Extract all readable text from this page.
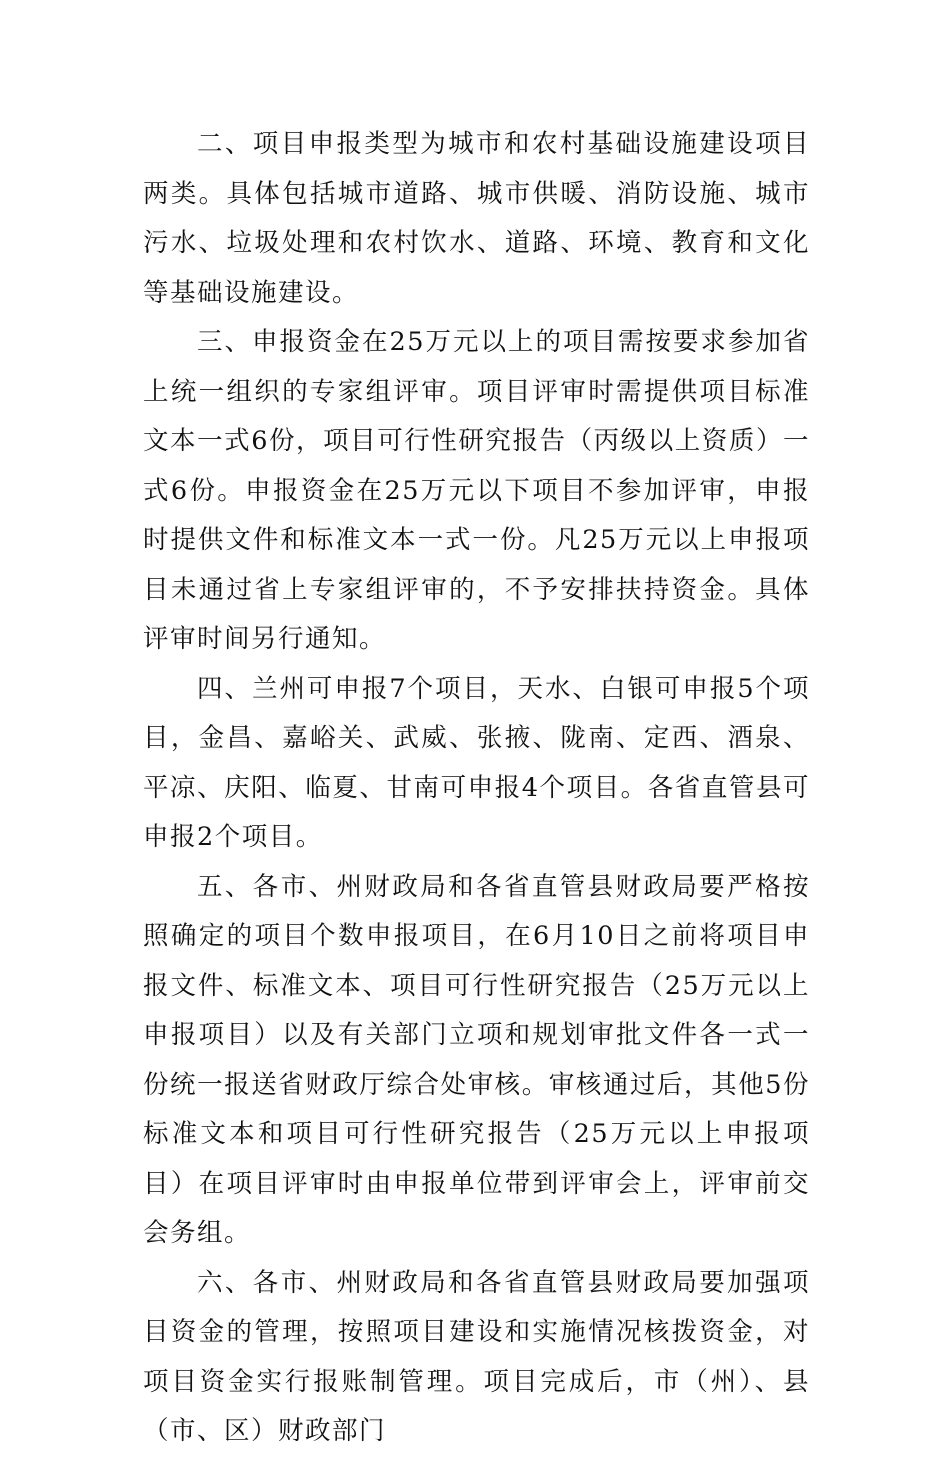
二、项目申报类型为城市和农村基础设施建设项目两类。具体包括城市道路、城市供暖、消防设施、城市污水、垃圾处理和农村饮水、道路、环境、教育和文化等基础设施建设。

三、申报资金在25万元以上的项目需按要求参加省上统一组织的专家组评审。项目评审时需提供项目标准文本一式6份，项目可行性研究报告（丙级以上资质）一式6份。申报资金在25万元以下项目不参加评审，申报时提供文件和标准文本一式一份。凡25万元以上申报项目未通过省上专家组评审的，不予安排扶持资金。具体评审时间另行通知。

四、兰州可申报7个项目，天水、白银可申报5个项目，金昌、嘉峪关、武威、张掖、陇南、定西、酒泉、平凉、庆阳、临夏、甘南可申报4个项目。各省直管县可申报2个项目。

五、各市、州财政局和各省直管县财政局要严格按照确定的项目个数申报项目，在6月10日之前将项目申报文件、标准文本、项目可行性研究报告（25万元以上申报项目）以及有关部门立项和规划审批文件各一式一份统一报送省财政厅综合处审核。审核通过后，其他5份标准文本和项目可行性研究报告（25万元以上申报项目）在项目评审时由申报单位带到评审会上，评审前交会务组。

六、各市、州财政局和各省直管县财政局要加强项目资金的管理，按照项目建设和实施情况核拨资金，对项目资金实行报账制管理。项目完成后，市（州）、县（市、区）财政部门
